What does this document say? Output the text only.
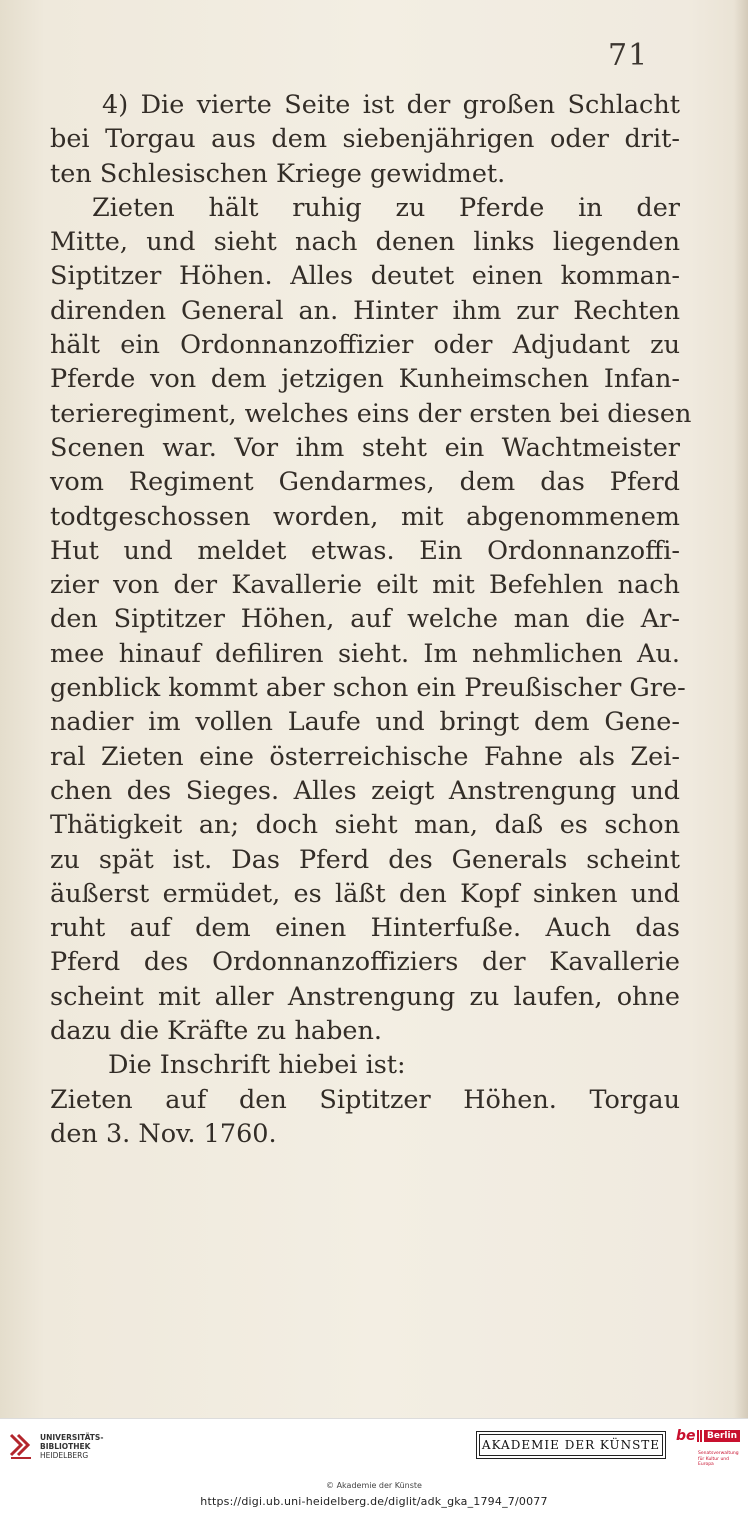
71
4) Die vierte Seite ist der großen Schlacht
bei Torgau aus dem siebenjährigen oder drit-
ten Schlesischen Kriege gewidmet.
Zieten hält ruhig zu Pferde in der
Mitte, und sieht nach denen links liegenden
Siptitzer Höhen. Alles deutet einen komman-
direnden General an. Hinter ihm zur Rechten
hält ein Ordonnanzoffizier oder Adjudant zu
Pferde von dem jetzigen Kunheimschen Infan-
terieregiment, welches eins der ersten bei diesen
Scenen war. Vor ihm steht ein Wachtmeister
vom Regiment Gendarmes, dem das Pferd
todtgeschossen worden, mit abgenommenem
Hut und meldet etwas. Ein Ordonnanzoffi-
zier von der Kavallerie eilt mit Befehlen nach
den Siptitzer Höhen, auf welche man die Ar-
mee hinauf defiliren sieht. Im nehmlichen Au.
genblick kommt aber schon ein Preußischer Gre-
nadier im vollen Laufe und bringt dem Gene-
ral Zieten eine österreichische Fahne als Zei-
chen des Sieges. Alles zeigt Anstrengung und
Thätigkeit an; doch sieht man, daß es schon
zu spät ist. Das Pferd des Generals scheint
äußerst ermüdet, es läßt den Kopf sinken und
ruht auf dem einen Hinterfuße. Auch das
Pferd des Ordonnanzoffiziers der Kavallerie
scheint mit aller Anstrengung zu laufen, ohne
dazu die Kräfte zu haben.
Die Inschrift hiebei ist:
Zieten auf den Siptitzer Höhen. Torgau
den 3. Nov. 1760.
UNIVERSITÄTS-
BIBLIOTHEK
HEIDELBERG
AKADEMIE DER KÜNSTE
be	Berlin
Senatsverwaltung
für Kultur und Europa
© Akademie der Künste
https://digi.ub.uni-heidelberg.de/diglit/adk_gka_1794_7/0077
